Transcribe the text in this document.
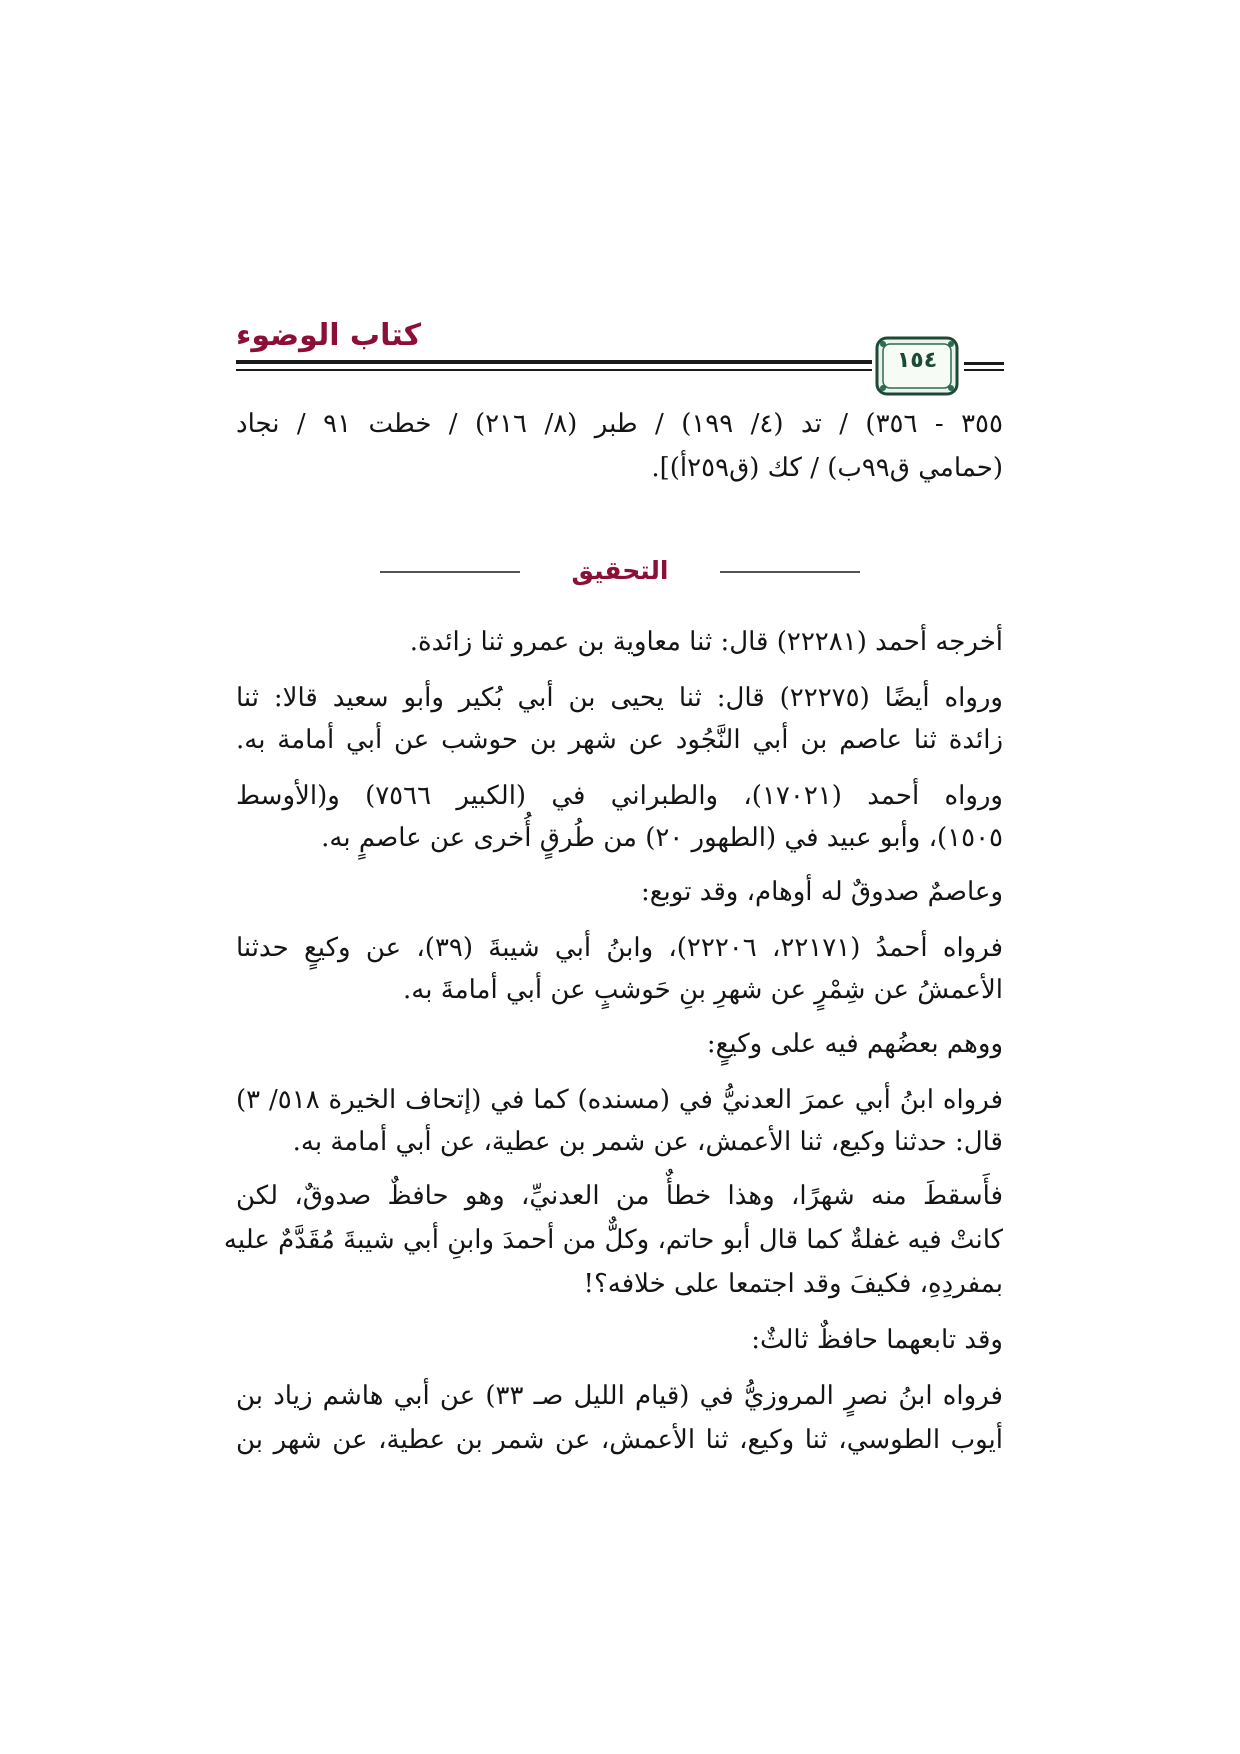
كتاب الوضوء
١٥٤
٣٥٥ - ٣٥٦) / تد (٤/ ١٩٩) / طبر (٨/ ٢١٦) / خطت ٩١ / نجاد
(حمامي ق٩٩ب) / كك (ق٢٥٩أ)].
التحقيق
أخرجه أحمد (٢٢٢٨١) قال: ثنا معاوية بن عمرو ثنا زائدة.
ورواه أيضًا (٢٢٢٧٥) قال: ثنا يحيى بن أبي بُكير وأبو سعيد قالا: ثنا
زائدة ثنا عاصم بن أبي النَّجُود عن شهر بن حوشب عن أبي أمامة به.
ورواه أحمد (١٧٠٢١)، والطبراني في (الكبير ٧٥٦٦) و(الأوسط
١٥٠٥)، وأبو عبيد في (الطهور ٢٠) من طُرقٍ أُخرى عن عاصمٍ به.
وعاصمٌ صدوقٌ له أوهام، وقد توبع:
فرواه أحمدُ (٢٢١٧١، ٢٢٢٠٦)، وابنُ أبي شيبةَ (٣٩)، عن وكيعٍ حدثنا
الأعمشُ عن شِمْرٍ عن شهرِ بنِ حَوشبٍ عن أبي أمامةَ به.
ووهم بعضُهم فيه على وكيعٍ:
فرواه ابنُ أبي عمرَ العدنيُّ في (مسنده) كما في (إتحاف الخيرة ٥١٨/ ٣)
قال: حدثنا وكيع، ثنا الأعمش، عن شمر بن عطية، عن أبي أمامة به.
فأَسقطَ منه شهرًا، وهذا خطأٌ من العدنيِّ، وهو حافظٌ صدوقٌ، لكن
كانتْ فيه غفلةٌ كما قال أبو حاتم، وكلٌّ من أحمدَ وابنِ أبي شيبةَ مُقَدَّمٌ عليه
بمفردِهِ، فكيفَ وقد اجتمعا على خلافه؟!
وقد تابعهما حافظٌ ثالثٌ:
فرواه ابنُ نصرٍ المروزيُّ في (قيام الليل صـ ٣٣) عن أبي هاشم زياد بن
أيوب الطوسي، ثنا وكيع، ثنا الأعمش، عن شمر بن عطية، عن شهر بن
